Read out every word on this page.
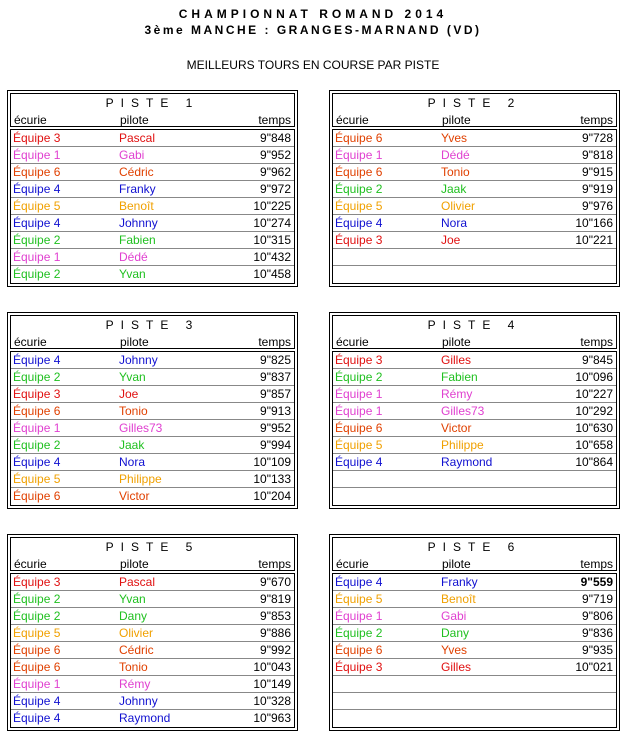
CHAMPIONNAT ROMAND 2014
3ème MANCHE : GRANGES-MARNAND (VD)
MEILLEURS TOURS EN COURSE PAR PISTE
PISTE 1
écurie	pilote	temps
Équipe 3	Pascal	9"848
Équipe 1	Gabi	9"952
Équipe 6	Cédric	9"962
Équipe 4	Franky	9"972
Équipe 5	Benoît	10"225
Équipe 4	Johnny	10"274
Équipe 2	Fabien	10"315
Équipe 1	Dédé	10"432
Équipe 2	Yvan	10"458
PISTE 2
écurie	pilote	temps
Équipe 6	Yves	9"728
Équipe 1	Dédé	9"818
Équipe 6	Tonio	9"915
Équipe 2	Jaak	9"919
Équipe 5	Olivier	9"976
Équipe 4	Nora	10"166
Équipe 3	Joe	10"221
PISTE 3
écurie	pilote	temps
Équipe 4	Johnny	9"825
Équipe 2	Yvan	9"837
Équipe 3	Joe	9"857
Équipe 6	Tonio	9"913
Équipe 1	Gilles73	9"952
Équipe 2	Jaak	9"994
Équipe 4	Nora	10"109
Équipe 5	Philippe	10"133
Équipe 6	Victor	10"204
PISTE 4
écurie	pilote	temps
Équipe 3	Gilles	9"845
Équipe 2	Fabien	10"096
Équipe 1	Rémy	10"227
Équipe 1	Gilles73	10"292
Équipe 6	Victor	10"630
Équipe 5	Philippe	10"658
Équipe 4	Raymond	10"864
PISTE 5
écurie	pilote	temps
Équipe 3	Pascal	9"670
Équipe 2	Yvan	9"819
Équipe 2	Dany	9"853
Équipe 5	Olivier	9"886
Équipe 6	Cédric	9"992
Équipe 6	Tonio	10"043
Équipe 1	Rémy	10"149
Équipe 4	Johnny	10"328
Équipe 4	Raymond	10"963
PISTE 6
écurie	pilote	temps
Équipe 4	Franky	9"559
Équipe 5	Benoît	9"719
Équipe 1	Gabi	9"806
Équipe 2	Dany	9"836
Équipe 6	Yves	9"935
Équipe 3	Gilles	10"021
